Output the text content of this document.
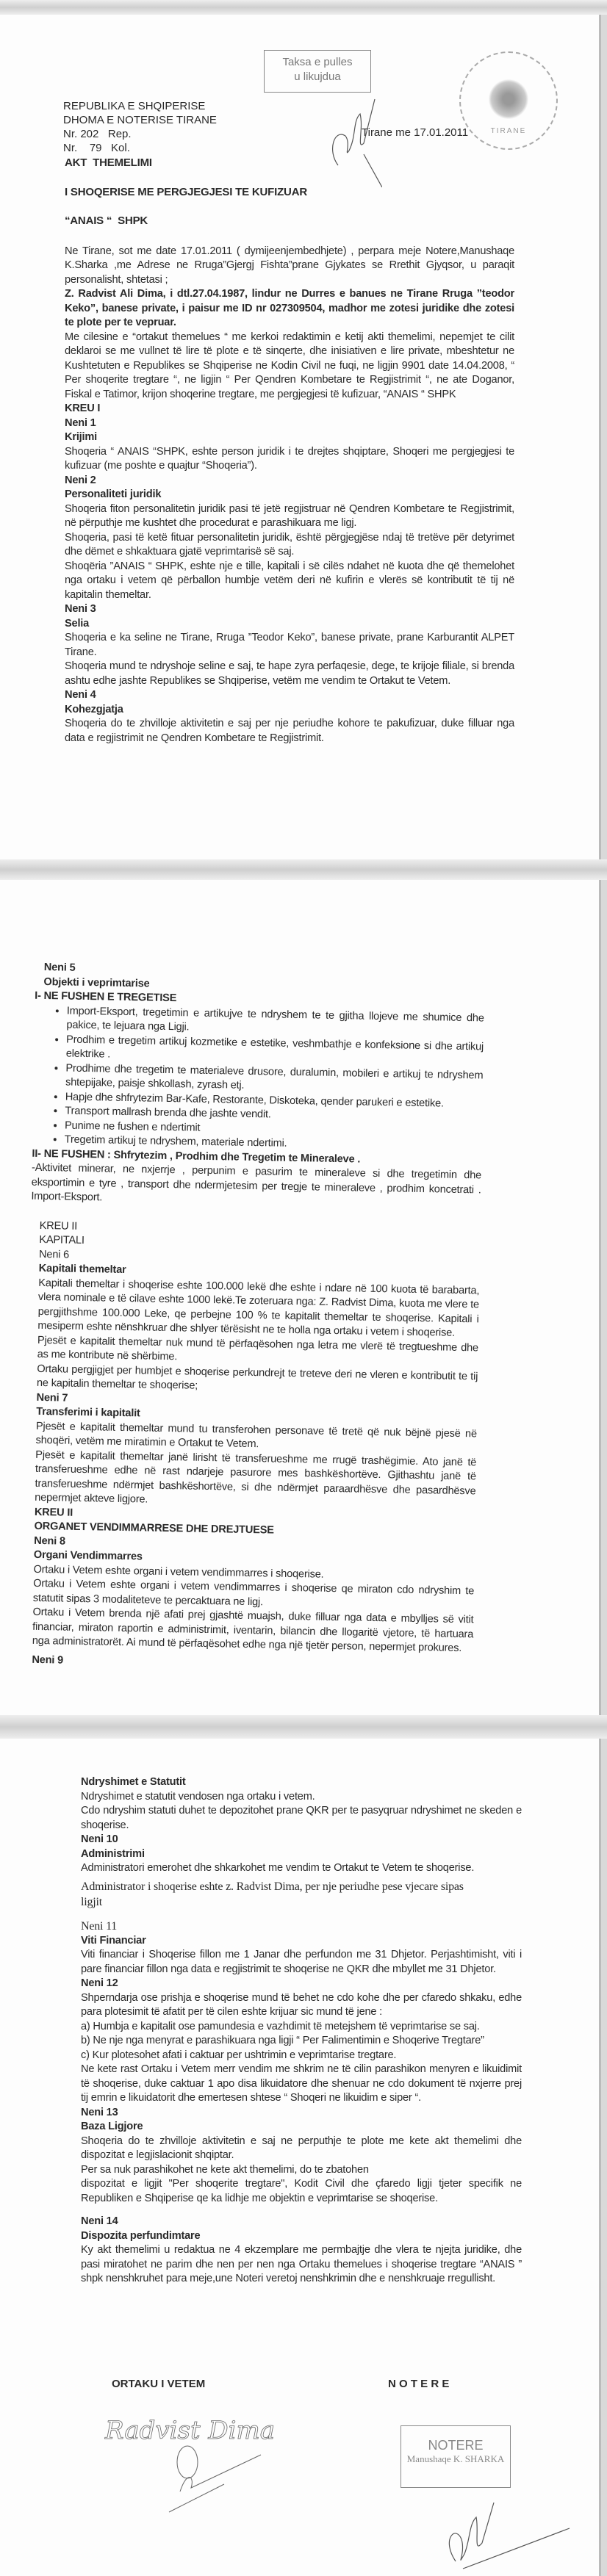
REPUBLIKA E SHQIPERISE
DHOMA E NOTERISE TIRANE
Nr. 202   Rep.
Nr.    79   Kol.
Taksa e pulles
u likujdua
Tirane me 17.01.2011	TIRANE

AKT  THEMELIMI

I SHOQERISE ME PERGJEGJESI TE KUFIZUAR

“ANAIS “  SHPK

Ne Tirane, sot me date 17.01.2011 ( dymijeenjembedhjete) , perpara meje Notere,Manushaqe K.Sharka ,me Adrese ne Rruga”Gjergj Fishta”prane Gjykates se Rrethit Gjyqsor, u paraqit personalisht, shtetasi ;

Z. Radvist Ali Dima, i dtl.27.04.1987, lindur ne Durres e banues ne Tirane Rruga ”teodor Keko”, banese private, i paisur me ID nr 027309504, madhor me zotesi juridike dhe zotesi te plote per te vepruar.

Me cilesine e “ortakut themelues “ me kerkoi redaktimin e ketij akti themelimi, nepemjet te cilit deklaroi se me vullnet të lire të plote e të sinqerte, dhe inisiativen e lire private, mbeshtetur ne Kushtetuten e Republikes se Shqiperise ne Kodin Civil ne fuqi, ne ligjin 9901 date 14.04.2008, “ Per shoqerite tregtare “, ne ligjin “ Per Qendren Kombetare te Regjistrimit “, ne ate Doganor, Fiskal e Tatimor, krijon shoqerine tregtare, me pergjegjesi të kufizuar, “ANAIS “ SHPK

KREU I

Neni 1

Krijimi

Shoqeria “ ANAIS “SHPK, eshte person juridik i te drejtes shqiptare, Shoqeri me pergjegjesi te kufizuar (me poshte e quajtur “Shoqeria”).

Neni 2

Personaliteti juridik

Shoqeria fiton personalitetin juridik pasi të jetë regjistruar në Qendren Kombetare te Regjistrimit, në përputhje me kushtet dhe procedurat e parashikuara me ligj.

Shoqeria, pasi të ketë fituar personalitetin juridik, është përgjegjëse ndaj të tretëve për detyrimet dhe dëmet e shkaktuara gjatë veprimtarisë së saj.

Shoqëria ”ANAIS “ SHPK, eshte nje e tille, kapitali i së cilës ndahet në kuota dhe që themelohet nga ortaku i vetem që përballon humbje vetëm deri në kufirin e vlerës së kontributit të tij në kapitalin themeltar.

Neni 3

Selia

Shoqeria e ka seline ne Tirane, Rruga ”Teodor Keko”, banese private, prane Karburantit ALPET Tirane.

Shoqeria mund te ndryshoje seline e saj, te hape zyra perfaqesie, dege, te krijoje filiale, si brenda ashtu edhe jashte Republikes se Shqiperise, vetëm me vendim te Ortakut te Vetem.

Neni 4

Kohezgjatja

Shoqeria do te zhvilloje aktivitetin e saj per nje periudhe kohore te pakufizuar, duke filluar nga data e regjistrimit ne Qendren Kombetare te Regjistrimit.

Neni 5

Objekti i veprimtarise

I- NE FUSHEN E TREGETISE

• Import-Eksport, tregetimin e artikujve te ndryshem te te gjitha llojeve me shumice dhe pakice, te lejuara nga Ligji.
• Prodhim e tregetim artikuj kozmetike e estetike, veshmbathje e konfeksione si dhe artikuj elektrike .
• Prodhime dhe tregetim te materialeve drusore, duralumin, mobileri e artikuj te ndryshem shtepijake, paisje shkollash, zyrash etj.
• Hapje dhe shfrytezim Bar-Kafe, Restorante, Diskoteka, qender parukeri e estetike.
• Transport mallrash brenda dhe jashte vendit.
• Punime ne fushen e ndertimit
• Tregetim artikuj te ndryshem, materiale ndertimi.

II- NE FUSHEN : Shfrytezim , Prodhim dhe Tregetim te Mineraleve .

-Aktivitet minerar, ne nxjerrje , perpunim e pasurim te mineraleve si dhe tregetimin dhe eksportimin e tyre , transport dhe ndermjetesim per tregje te mineraleve , prodhim koncetrati . Import-Eksport.

KREU II

KAPITALI

Neni 6

Kapitali themeltar

Kapitali themeltar i shoqerise eshte 100.000 lekë dhe eshte i ndare në 100 kuota të barabarta, vlera nominale e të cilave eshte 1000 lekë.Te zoteruara nga: Z. Radvist Dima, kuota me vlere te pergjithshme 100.000 Leke, qe perbejne 100 % te kapitalit themeltar te shoqerise. Kapitali i mesiperm eshte nënshkruar dhe shlyer tërësisht ne te holla nga ortaku i vetem i shoqerise.

Pjesët e kapitalit themeltar nuk mund të përfaqësohen nga letra me vlerë të tregtueshme dhe as me kontribute në shërbime.

Ortaku pergjigjet per humbjet e shoqerise perkundrejt te treteve deri ne vleren e kontributit te tij ne kapitalin themeltar te shoqerise;

Neni 7

Transferimi i kapitalit

Pjesët e kapitalit themeltar mund tu transferohen personave të tretë që nuk bëjnë pjesë në shoqëri, vetëm me miratimin e Ortakut te Vetem.

Pjesët e kapitalit themeltar janë lirisht të transferueshme me rrugë trashëgimie. Ato janë të transferueshme edhe në rast ndarjeje pasurore mes bashkëshortëve. Gjithashtu janë të transferueshme ndërmjet bashkëshortëve, si dhe ndërmjet paraardhësve dhe pasardhësve nepermjet akteve ligjore.

KREU II

ORGANET VENDIMMARRESE DHE DREJTUESE

Neni 8

Organi Vendimmarres

Ortaku i Vetem eshte organi i vetem vendimmarres i shoqerise.

Ortaku i Vetem eshte organi i vetem vendimmarres i shoqerise qe miraton cdo ndryshim te statutit sipas 3 modaliteteve te percaktuara ne ligj.

Ortaku i Vetem brenda një afati prej gjashtë muajsh, duke filluar nga data e mbylljes së vitit financiar, miraton raportin e administrimit, iventarin, bilancin dhe llogaritë vjetore, të hartuara nga administratorët. Ai mund të përfaqësohet edhe nga një tjetër person, nepermjet prokures.

Neni 9

Ndryshimet e Statutit

Ndryshimet e statutit vendosen nga ortaku i vetem.

Cdo ndryshim statuti duhet te depozitohet prane QKR per te pasyqruar ndryshimet ne skeden e shoqerise.

Neni 10

Administrimi

Administratori emerohet dhe shkarkohet me vendim te Ortakut te Vetem te shoqerise.

Administrator i shoqerise eshte z. Radvist Dima, per nje periudhe pese vjecare sipas ligjit

Neni 11

Viti Financiar

Viti financiar i Shoqerise fillon me 1 Janar dhe perfundon me 31 Dhjetor. Perjashtimisht, viti i pare financiar fillon nga data e regjistrimit te shoqerise ne QKR dhe mbyllet me 31 Dhjetor.

Neni 12

Shperndarja ose prishja e shoqerise mund të behet ne cdo kohe dhe per cfaredo shkaku, edhe para plotesimit të afatit per të cilen eshte krijuar sic mund të jene :

a) Humbja e kapitalit ose pamundesia e vazhdimit të metejshem të veprimtarise se saj.

b) Ne nje nga menyrat e parashikuara nga ligji “ Per Falimentimin e Shoqerive Tregtare”

c) Kur plotesohet afati i caktuar per ushtrimin e veprimtarise tregtare.

Ne kete rast Ortaku i Vetem merr vendim me shkrim ne të cilin parashikon menyren e likuidimit të shoqerise, duke caktuar 1 apo disa likuidatore dhe shenuar ne cdo dokument të nxjerre prej tij emrin e likuidatorit dhe emertesen shtese “ Shoqeri ne likuidim e siper “.

Neni 13

Baza Ligjore

Shoqeria do te zhvilloje aktivitetin e saj ne perputhje te plote me kete akt themelimi dhe dispozitat e legjislacionit shqiptar.

Per sa nuk parashikohet ne kete akt themelimi, do te zbatohen

dispozitat e ligjit "Per shoqerite tregtare", Kodit Civil dhe çfaredo ligji tjeter specifik ne Republiken e Shqiperise qe ka lidhje me objektin e veprimtarise se shoqerise.

Neni 14

Dispozita perfundimtare

Ky akt themelimi u redaktua ne 4 ekzemplare me permbajtje dhe vlera te njejta juridike, dhe pasi miratohet ne parim dhe nen per nen nga Ortaku themelues i shoqerise tregtare “ANAIS ” shpk nenshkruhet para meje,une Noteri veretoj nenshkrimin dhe e nenshkruaje rregullisht.

ORTAKU I VETEM	N O T E R E
Radvist Dima	NOTERE
Manushaqe K. SHARKA
